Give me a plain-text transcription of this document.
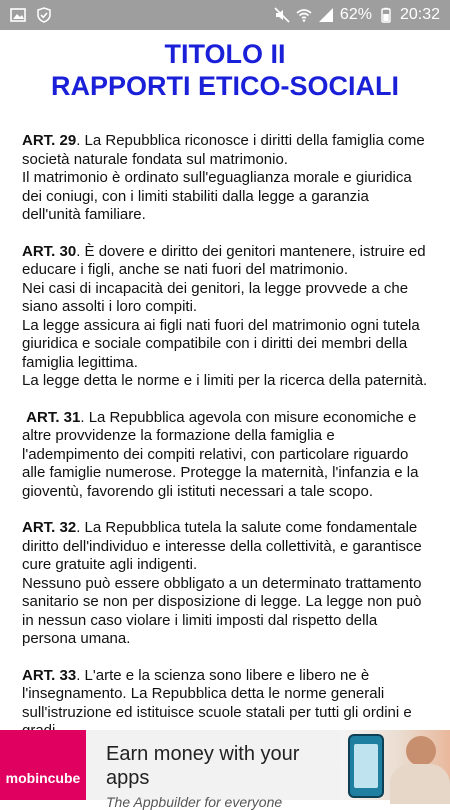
62% 20:32
TITOLO II
RAPPORTI ETICO-SOCIALI

ART. 29. La Repubblica riconosce i diritti della famiglia come società naturale fondata sul matrimonio.

Il matrimonio è ordinato sull'eguaglianza morale e giuridica dei coniugi, con i limiti stabiliti dalla legge a garanzia dell'unità familiare.

ART. 30. È dovere e diritto dei genitori mantenere, istruire ed educare i figli, anche se nati fuori del matrimonio.

Nei casi di incapacità dei genitori, la legge provvede a che siano assolti i loro compiti.

La legge assicura ai figli nati fuori del matrimonio ogni tutela giuridica e sociale compatibile con i diritti dei membri della famiglia legittima.

La legge detta le norme e i limiti per la ricerca della paternità.

ART. 31. La Repubblica agevola con misure economiche e altre provvidenze la formazione della famiglia e l'adempimento dei compiti relativi, con particolare riguardo alle famiglie numerose. Protegge la maternità, l'infanzia e la gioventù, favorendo gli istituti necessari a tale scopo.

ART. 32. La Repubblica tutela la salute come fondamentale diritto dell'individuo e interesse della collettività, e garantisce cure gratuite agli indigenti.

Nessuno può essere obbligato a un determinato trattamento sanitario se non per disposizione di legge. La legge non può in nessun caso violare i limiti imposti dal rispetto della persona umana.

ART. 33. L'arte e la scienza sono libere e libero ne è l'insegnamento. La Repubblica detta le norme generali sull'istruzione ed istituisce scuole statali per tutti gli ordini e

mobincube
Earn money with your apps
The Appbuilder for everyone
